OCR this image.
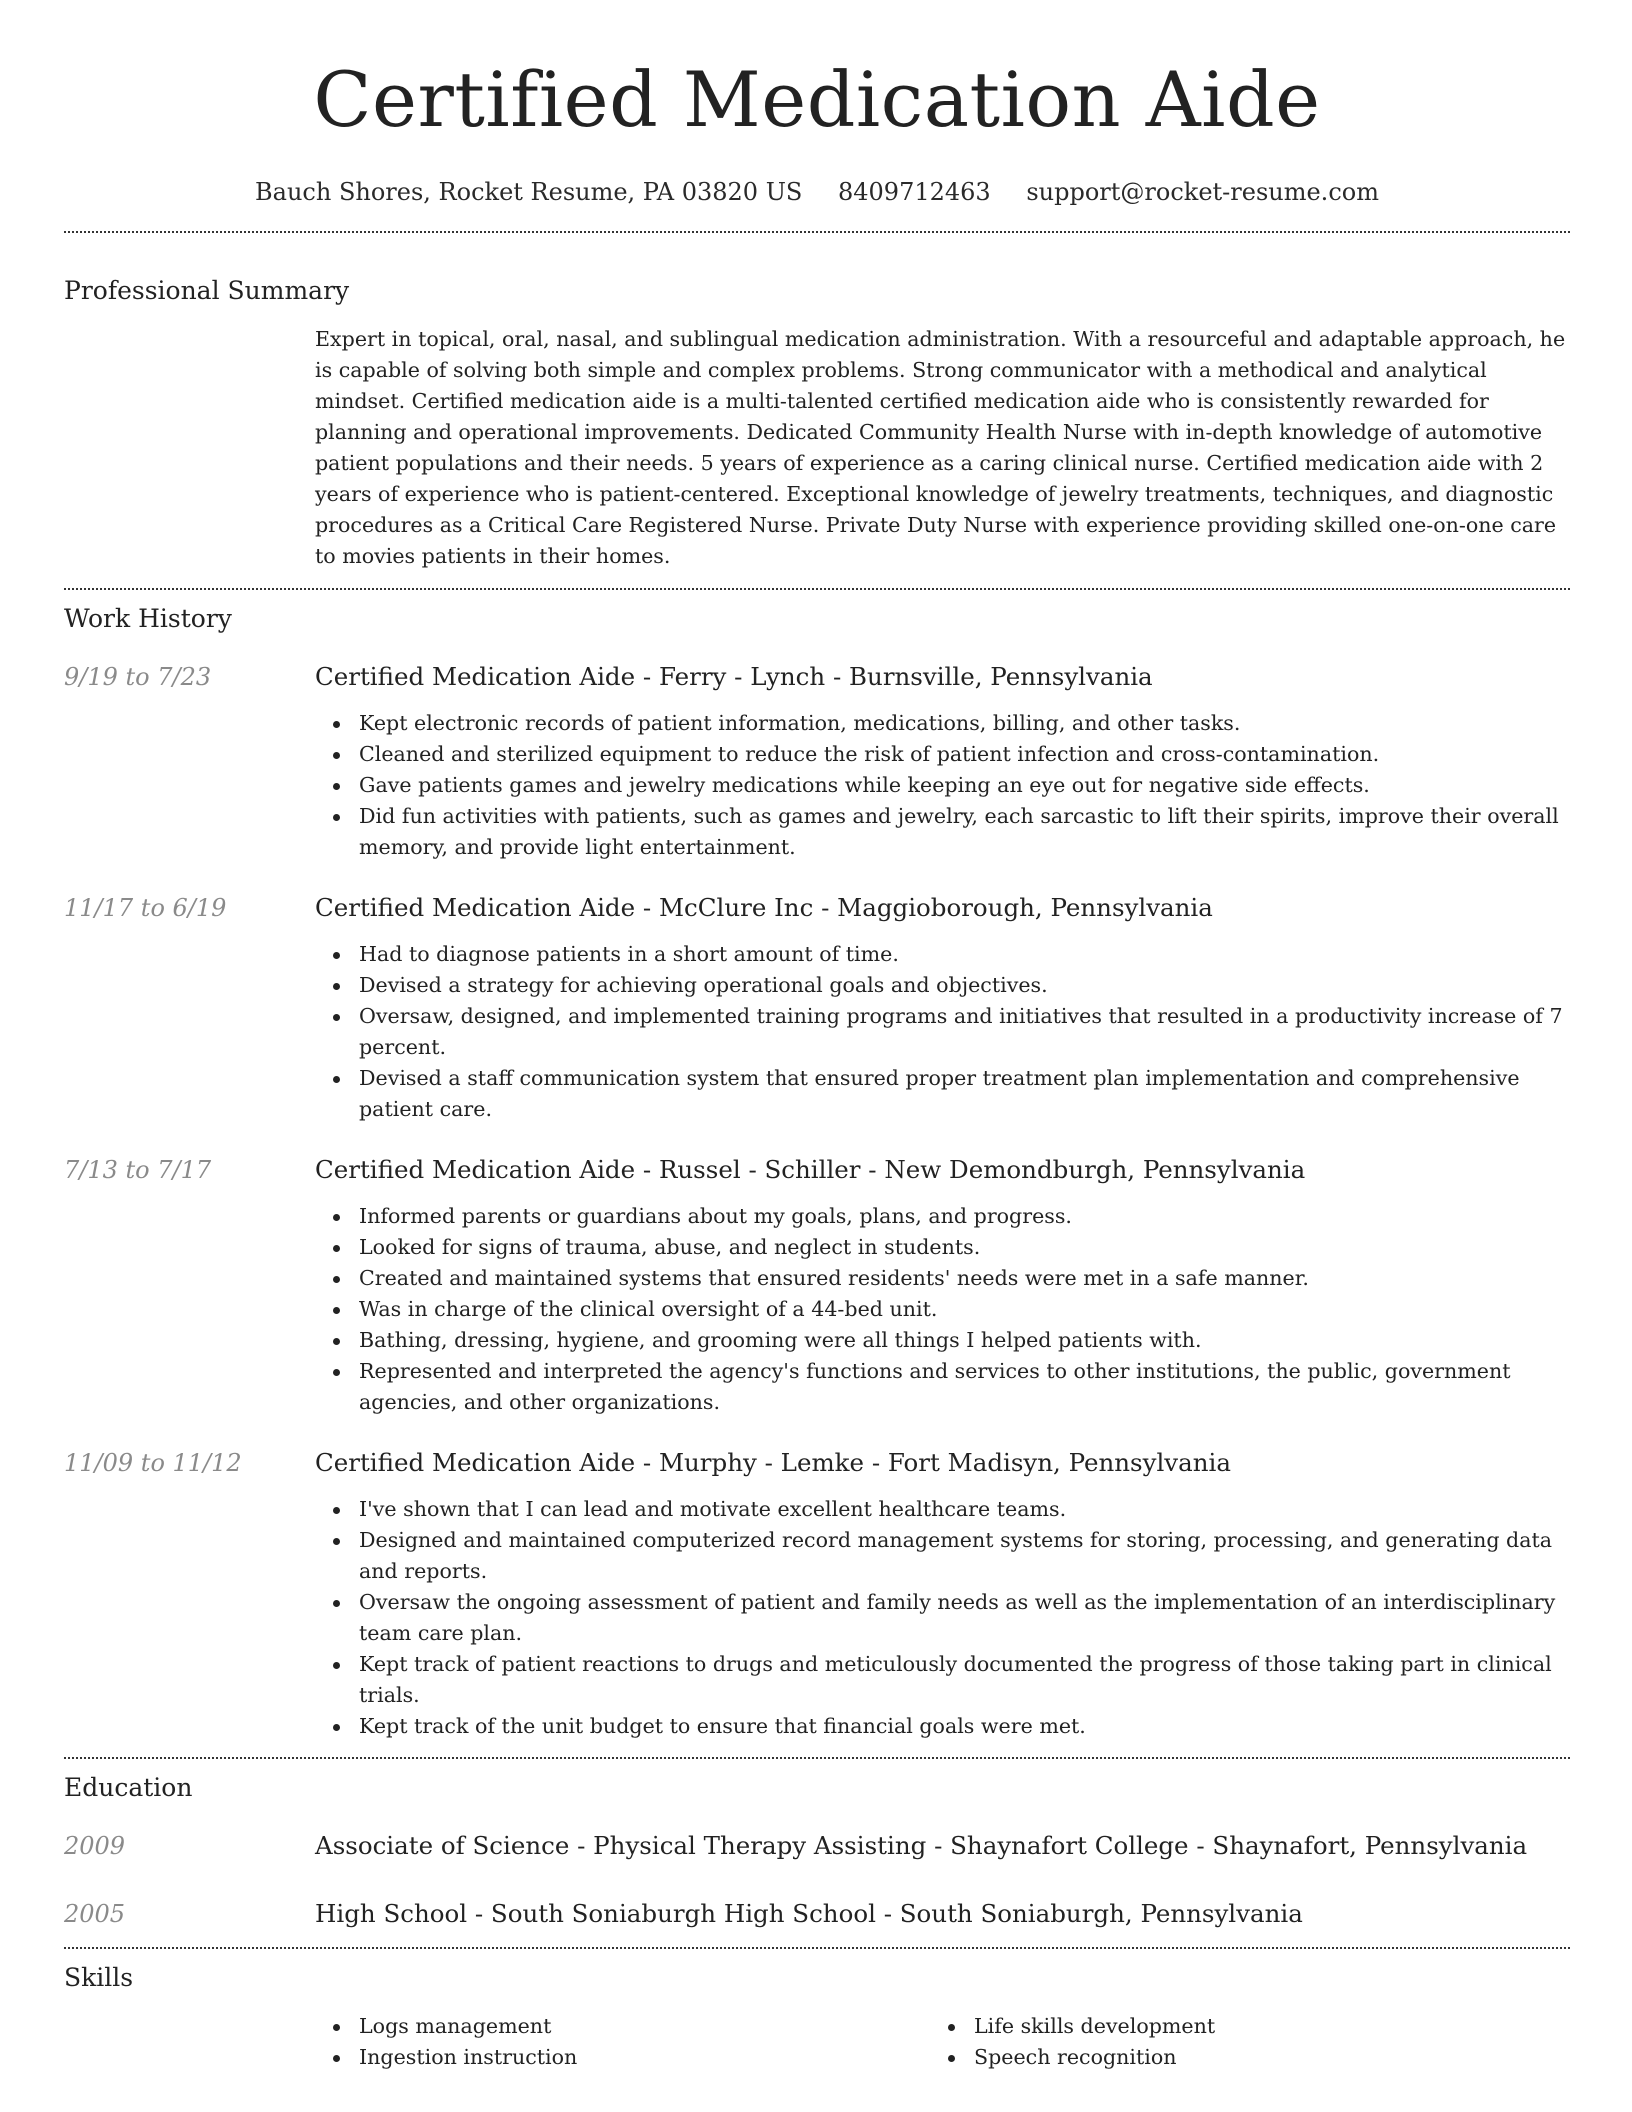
Certified Medication Aide
Bauch Shores, Rocket Resume, PA 03820 US 8409712463 support@rocket-resume.com
Professional Summary

Expert in topical, oral, nasal, and sublingual medication administration. With a resourceful and adaptable approach, he is capable of solving both simple and complex problems. Strong communicator with a methodical and analytical mindset. Certified medication aide is a multi-talented certified medication aide who is consistently rewarded for planning and operational improvements. Dedicated Community Health Nurse with in-depth knowledge of automotive patient populations and their needs. 5 years of experience as a caring clinical nurse. Certified medication aide with 2 years of experience who is patient-centered. Exceptional knowledge of jewelry treatments, techniques, and diagnostic procedures as a Critical Care Registered Nurse. Private Duty Nurse with experience providing skilled one-on-one care to movies patients in their homes.

Work History
9/19 to 7/23	Certified Medication Aide - Ferry - Lynch - Burnsville, Pennsylvania
Kept electronic records of patient information, medications, billing, and other tasks.
Cleaned and sterilized equipment to reduce the risk of patient infection and cross-contamination.
Gave patients games and jewelry medications while keeping an eye out for negative side effects.
Did fun activities with patients, such as games and jewelry, each sarcastic to lift their spirits, improve their overall memory, and provide light entertainment.
11/17 to 6/19	Certified Medication Aide - McClure Inc - Maggioborough, Pennsylvania
Had to diagnose patients in a short amount of time.
Devised a strategy for achieving operational goals and objectives.
Oversaw, designed, and implemented training programs and initiatives that resulted in a productivity increase of 7 percent.
Devised a staff communication system that ensured proper treatment plan implementation and comprehensive patient care.
7/13 to 7/17	Certified Medication Aide - Russel - Schiller - New Demondburgh, Pennsylvania
Informed parents or guardians about my goals, plans, and progress.
Looked for signs of trauma, abuse, and neglect in students.
Created and maintained systems that ensured residents' needs were met in a safe manner.
Was in charge of the clinical oversight of a 44-bed unit.
Bathing, dressing, hygiene, and grooming were all things I helped patients with.
Represented and interpreted the agency's functions and services to other institutions, the public, government agencies, and other organizations.
11/09 to 11/12	Certified Medication Aide - Murphy - Lemke - Fort Madisyn, Pennsylvania
I've shown that I can lead and motivate excellent healthcare teams.
Designed and maintained computerized record management systems for storing, processing, and generating data and reports.
Oversaw the ongoing assessment of patient and family needs as well as the implementation of an interdisciplinary team care plan.
Kept track of patient reactions to drugs and meticulously documented the progress of those taking part in clinical trials.
Kept track of the unit budget to ensure that financial goals were met.
Education
2009	Associate of Science - Physical Therapy Assisting - Shaynafort College - Shaynafort, Pennsylvania
2005	High School - South Soniaburgh High School - South Soniaburgh, Pennsylvania
Skills
Logs management
Ingestion instruction
Life skills development
Speech recognition
